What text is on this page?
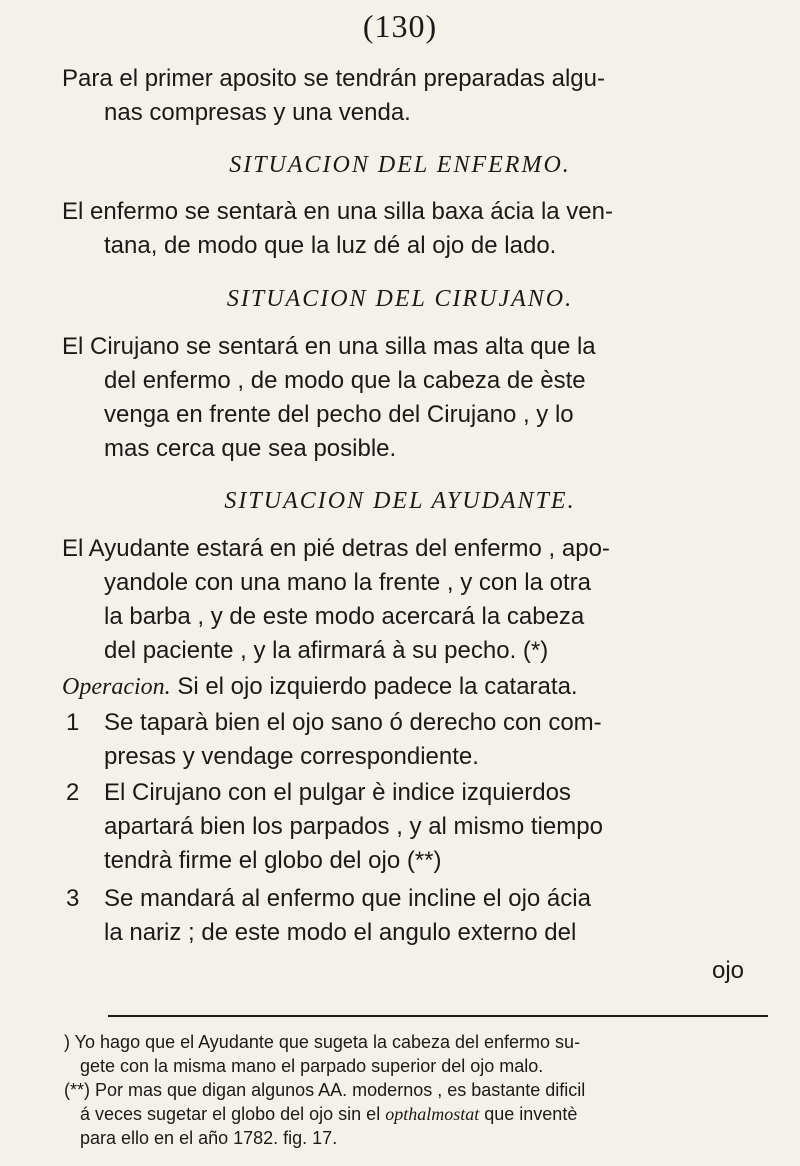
(130)
Para el primer aposito se tendrán preparadas algu-
nas compresas y una venda.
SITUACION DEL ENFERMO.
El enfermo se sentarà en una silla baxa ácia la ven-
tana, de modo que la luz dé al ojo de lado.
SITUACION DEL CIRUJANO.
El Cirujano se sentará en una silla mas alta que la
del enfermo , de modo que la cabeza de èste
venga en frente del pecho del Cirujano , y lo
mas cerca que sea posible.
SITUACION DEL AYUDANTE.
El Ayudante estará en pié detras del enfermo , apo-
yandole con una mano la frente , y con la otra
la barba , y de este modo acercará la cabeza
del paciente , y la afirmará à su pecho. (*)
Operacion. Si el ojo izquierdo padece la catarata.
1 Se taparà bien el ojo sano ó derecho con com-
presas y vendage correspondiente.
2 El Cirujano con el pulgar è indice izquierdos
apartará bien los parpados , y al mismo tiempo
tendrà firme el globo del ojo (**)
3 Se mandará al enfermo que incline el ojo ácia
la nariz ; de este modo el angulo externo del
ojo
) Yo hago que el Ayudante que sugeta la cabeza del enfermo su-
gete con la misma mano el parpado superior del ojo malo.
(**) Por mas que digan algunos AA. modernos , es bastante dificil
á veces sugetar el globo del ojo sin el opthalmostat que inventè
para ello en el año 1782. fig. 17.
